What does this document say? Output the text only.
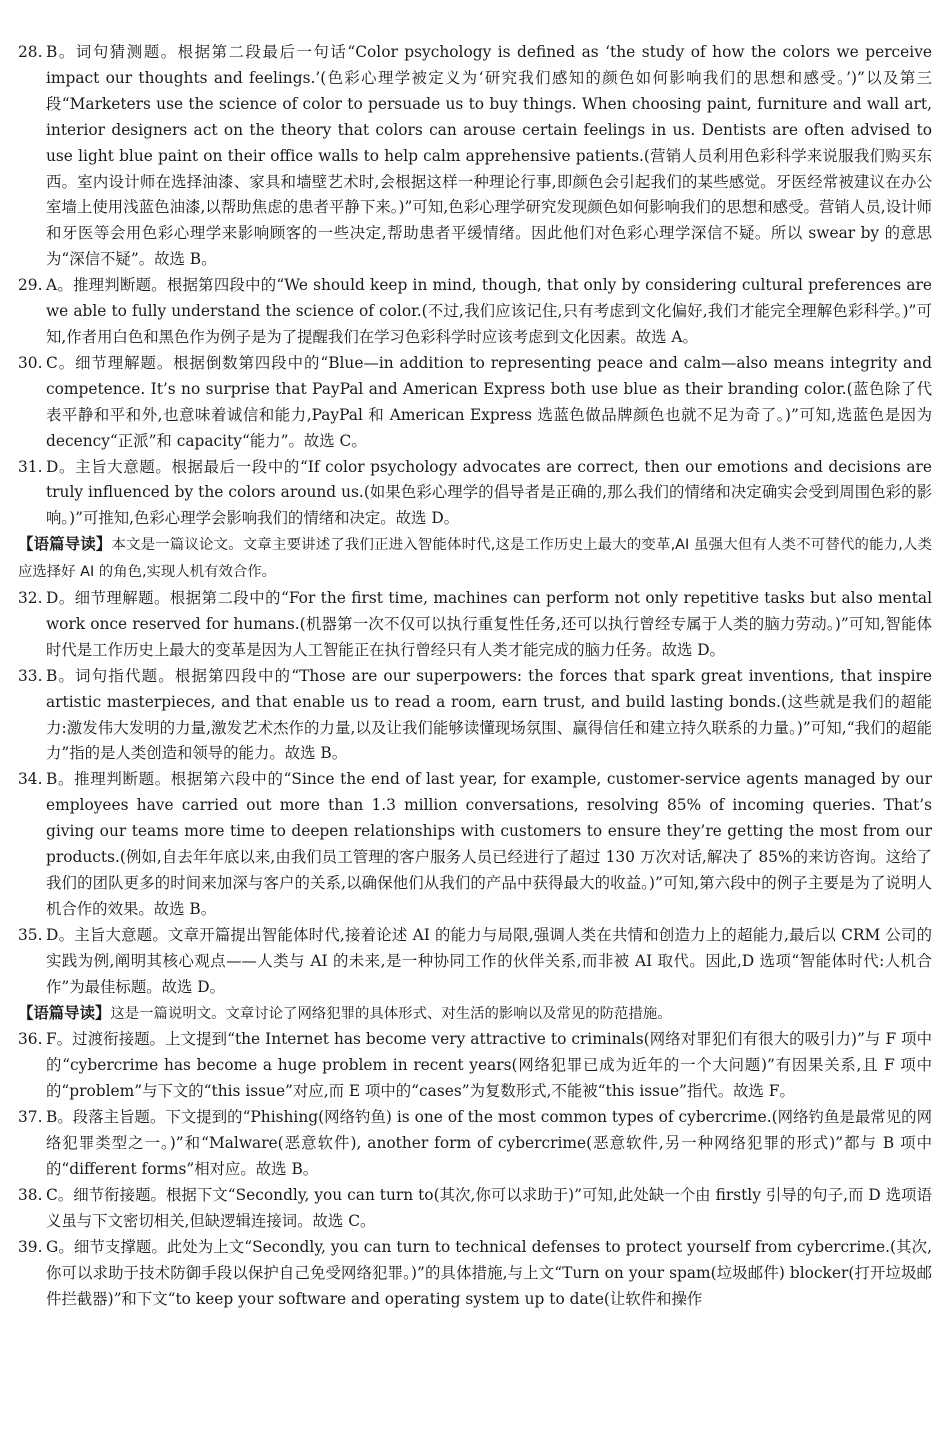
28. B。词句猜测题。根据第二段最后一句话“Color psychology is defined as ‘the study of how the colors we perceive impact our thoughts and feelings.’(色彩心理学被定义为‘研究我们感知的颜色如何影响我们的思想和感受。’)”以及第三段“Marketers use the science of color to persuade us to buy things. When choosing paint, furniture and wall art, interior designers act on the theory that colors can arouse certain feelings in us. Dentists are often advised to use light blue paint on their office walls to help calm apprehensive patients.(营销人员利用色彩科学来说服我们购买东西。室内设计师在选择油漆、家具和墙壁艺术时,会根据这样一种理论行事,即颜色会引起我们的某些感觉。牙医经常被建议在办公室墙上使用浅蓝色油漆,以帮助焦虑的患者平静下来。)”可知,色彩心理学研究发现颜色如何影响我们的思想和感受。营销人员,设计师和牙医等会用色彩心理学来影响顾客的一些决定,帮助患者平缓情绪。因此他们对色彩心理学深信不疑。所以 swear by 的意思为“深信不疑”。故选 B。
29. A。推理判断题。根据第四段中的“We should keep in mind, though, that only by considering cultural preferences are we able to fully understand the science of color.(不过,我们应该记住,只有考虑到文化偏好,我们才能完全理解色彩科学。)”可知,作者用白色和黑色作为例子是为了提醒我们在学习色彩科学时应该考虑到文化因素。故选 A。
30. C。细节理解题。根据倒数第四段中的“Blue—in addition to representing peace and calm—also means integrity and competence. It’s no surprise that PayPal and American Express both use blue as their branding color.(蓝色除了代表平静和平和外,也意味着诚信和能力,PayPal 和 American Express 选蓝色做品牌颜色也就不足为奇了。)”可知,选蓝色是因为 decency“正派”和 capacity“能力”。故选 C。
31. D。主旨大意题。根据最后一段中的“If color psychology advocates are correct, then our emotions and decisions are truly influenced by the colors around us.(如果色彩心理学的倡导者是正确的,那么我们的情绪和决定确实会受到周围色彩的影响。)”可推知,色彩心理学会影响我们的情绪和决定。故选 D。
【语篇导读】本文是一篇议论文。文章主要讲述了我们正进入智能体时代,这是工作历史上最大的变革,AI 虽强大但有人类不可替代的能力,人类应选择好 AI 的角色,实现人机有效合作。
32. D。细节理解题。根据第二段中的“For the first time, machines can perform not only repetitive tasks but also mental work once reserved for humans.(机器第一次不仅可以执行重复性任务,还可以执行曾经专属于人类的脑力劳动。)”可知,智能体时代是工作历史上最大的变革是因为人工智能正在执行曾经只有人类才能完成的脑力任务。故选 D。
33. B。词句指代题。根据第四段中的“Those are our superpowers: the forces that spark great inventions, that inspire artistic masterpieces, and that enable us to read a room, earn trust, and build lasting bonds.(这些就是我们的超能力:激发伟大发明的力量,激发艺术杰作的力量,以及让我们能够读懂现场氛围、赢得信任和建立持久联系的力量。)”可知,“我们的超能力”指的是人类创造和领导的能力。故选 B。
34. B。推理判断题。根据第六段中的“Since the end of last year, for example, customer-service agents managed by our employees have carried out more than 1.3 million conversations, resolving 85% of incoming queries. That’s giving our teams more time to deepen relationships with customers to ensure they’re getting the most from our products.(例如,自去年年底以来,由我们员工管理的客户服务人员已经进行了超过 130 万次对话,解决了 85%的来访咨询。这给了我们的团队更多的时间来加深与客户的关系,以确保他们从我们的产品中获得最大的收益。)”可知,第六段中的例子主要是为了说明人机合作的效果。故选 B。
35. D。主旨大意题。文章开篇提出智能体时代,接着论述 AI 的能力与局限,强调人类在共情和创造力上的超能力,最后以 CRM 公司的实践为例,阐明其核心观点——人类与 AI 的未来,是一种协同工作的伙伴关系,而非被 AI 取代。因此,D 选项“智能体时代:人机合作”为最佳标题。故选 D。
【语篇导读】这是一篇说明文。文章讨论了网络犯罪的具体形式、对生活的影响以及常见的防范措施。
36. F。过渡衔接题。上文提到“the Internet has become very attractive to criminals(网络对罪犯们有很大的吸引力)”与 F 项中的“cybercrime has become a huge problem in recent years(网络犯罪已成为近年的一个大问题)”有因果关系,且 F 项中的“problem”与下文的“this issue”对应,而 E 项中的“cases”为复数形式,不能被“this issue”指代。故选 F。
37. B。段落主旨题。下文提到的“Phishing(网络钓鱼) is one of the most common types of cybercrime.(网络钓鱼是最常见的网络犯罪类型之一。)”和“Malware(恶意软件), another form of cybercrime(恶意软件,另一种网络犯罪的形式)”都与 B 项中的“different forms”相对应。故选 B。
38. C。细节衔接题。根据下文“Secondly, you can turn to(其次,你可以求助于)”可知,此处缺一个由 firstly 引导的句子,而 D 选项语义虽与下文密切相关,但缺逻辑连接词。故选 C。
39. G。细节支撑题。此处为上文“Secondly, you can turn to technical defenses to protect yourself from cybercrime.(其次,你可以求助于技术防御手段以保护自己免受网络犯罪。)”的具体措施,与上文“Turn on your spam(垃圾邮件) blocker(打开垃圾邮件拦截器)”和下文“to keep your software and operating system up to date(让软件和操作
